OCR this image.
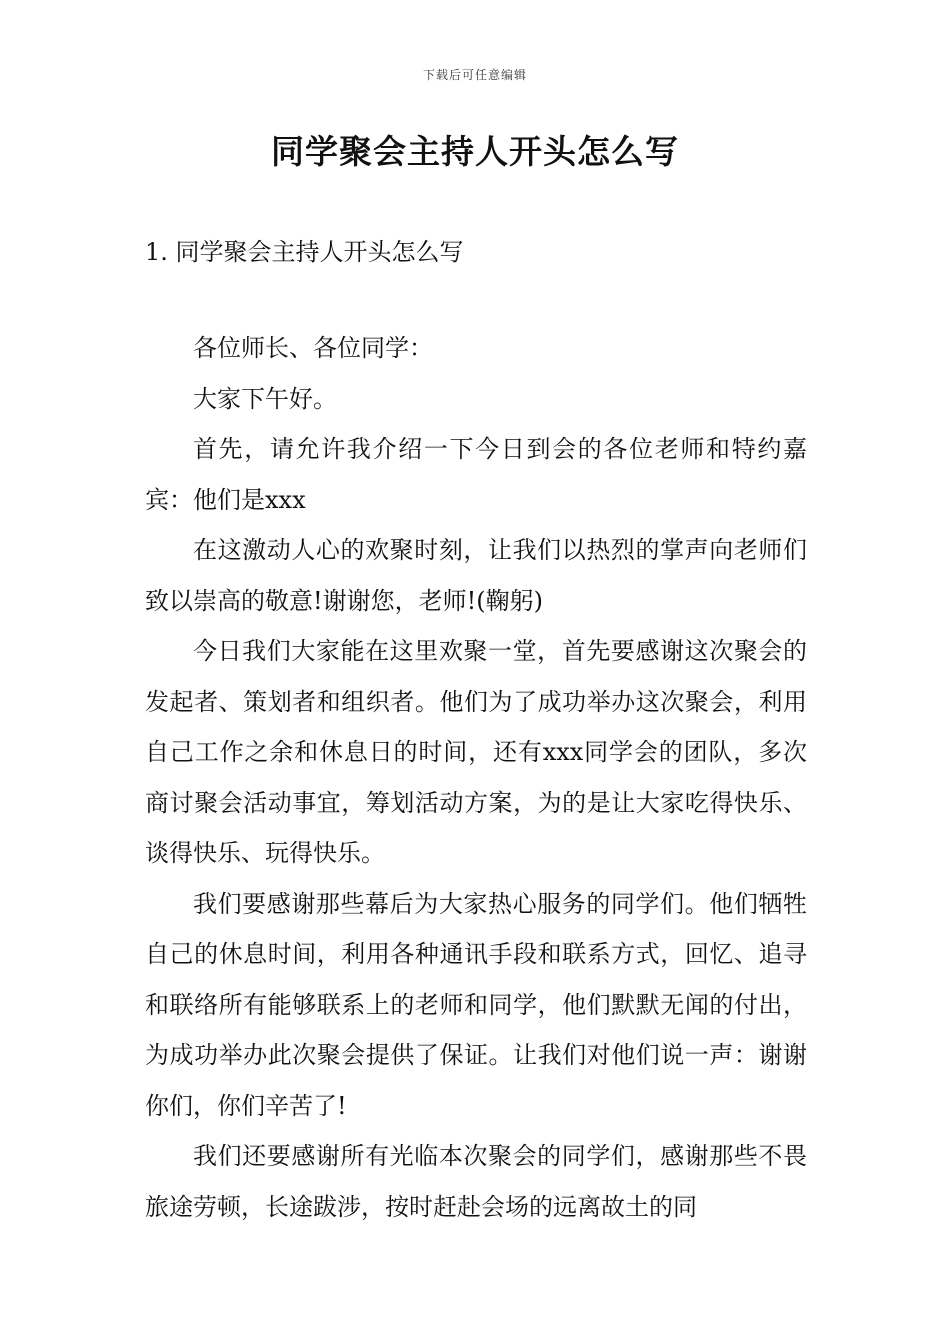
下载后可任意编辑
同学聚会主持人开头怎么写
1. 同学聚会主持人开头怎么写

各位师长、各位同学：

大家下午好。

首先，请允许我介绍一下今日到会的各位老师和特约嘉宾：他们是xxx

在这激动人心的欢聚时刻，让我们以热烈的掌声向老师们致以崇高的敬意!谢谢您，老师!(鞠躬)

今日我们大家能在这里欢聚一堂，首先要感谢这次聚会的发起者、策划者和组织者。他们为了成功举办这次聚会，利用自己工作之余和休息日的时间，还有xxx同学会的团队，多次商讨聚会活动事宜，筹划活动方案，为的是让大家吃得快乐、谈得快乐、玩得快乐。

我们要感谢那些幕后为大家热心服务的同学们。他们牺牲自己的休息时间，利用各种通讯手段和联系方式，回忆、追寻和联络所有能够联系上的老师和同学，他们默默无闻的付出，为成功举办此次聚会提供了保证。让我们对他们说一声：谢谢你们，你们辛苦了!

我们还要感谢所有光临本次聚会的同学们，感谢那些不畏旅途劳顿，长途跋涉，按时赶赴会场的远离故土的同
